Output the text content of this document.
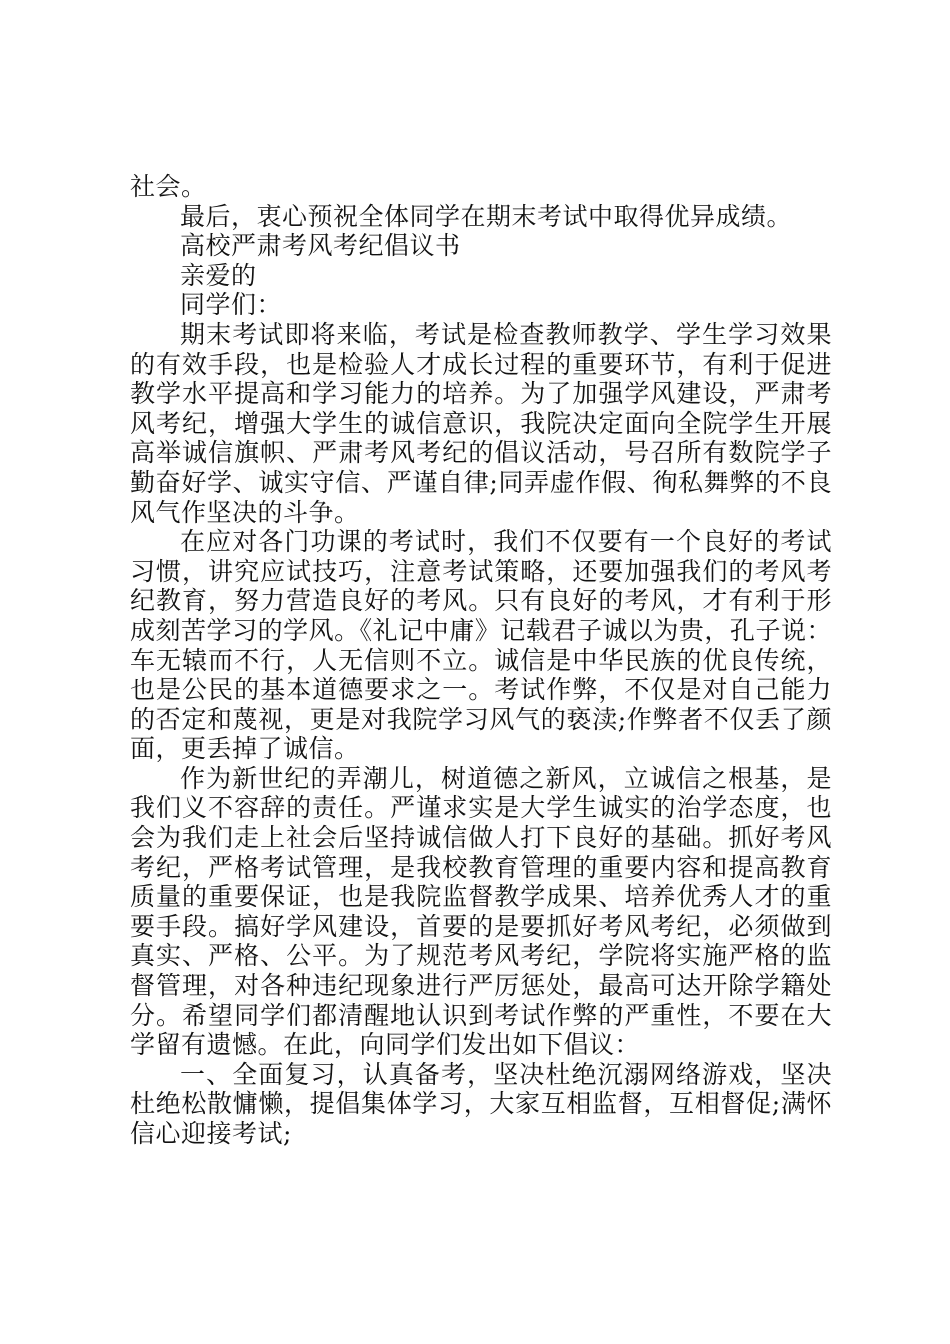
社会。

最后，衷心预祝全体同学在期末考试中取得优异成绩。

高校严肃考风考纪倡议书

亲爱的

同学们：

期末考试即将来临，考试是检查教师教学、学生学习效果的有效手段，也是检验人才成长过程的重要环节，有利于促进教学水平提高和学习能力的培养。为了加强学风建设，严肃考风考纪，增强大学生的诚信意识，我院决定面向全院学生开展高举诚信旗帜、严肃考风考纪的倡议活动，号召所有数院学子勤奋好学、诚实守信、严谨自律;同弄虚作假、徇私舞弊的不良风气作坚决的斗争。

在应对各门功课的考试时，我们不仅要有一个良好的考试习惯，讲究应试技巧，注意考试策略，还要加强我们的考风考纪教育，努力营造良好的考风。只有良好的考风，才有利于形成刻苦学习的学风。《礼记中庸》记载君子诚以为贵，孔子说：车无辕而不行，人无信则不立。诚信是中华民族的优良传统，也是公民的基本道德要求之一。考试作弊，不仅是对自己能力的否定和蔑视，更是对我院学习风气的亵渎;作弊者不仅丢了颜面，更丢掉了诚信。

作为新世纪的弄潮儿，树道德之新风，立诚信之根基，是我们义不容辞的责任。严谨求实是大学生诚实的治学态度，也会为我们走上社会后坚持诚信做人打下良好的基础。抓好考风考纪，严格考试管理，是我校教育管理的重要内容和提高教育质量的重要保证，也是我院监督教学成果、培养优秀人才的重要手段。搞好学风建设，首要的是要抓好考风考纪，必须做到真实、严格、公平。为了规范考风考纪，学院将实施严格的监督管理，对各种违纪现象进行严厉惩处，最高可达开除学籍处分。希望同学们都清醒地认识到考试作弊的严重性，不要在大学留有遗憾。在此，向同学们发出如下倡议：

一、全面复习，认真备考，坚决杜绝沉溺网络游戏，坚决杜绝松散慵懒，提倡集体学习，大家互相监督，互相督促;满怀信心迎接考试;
